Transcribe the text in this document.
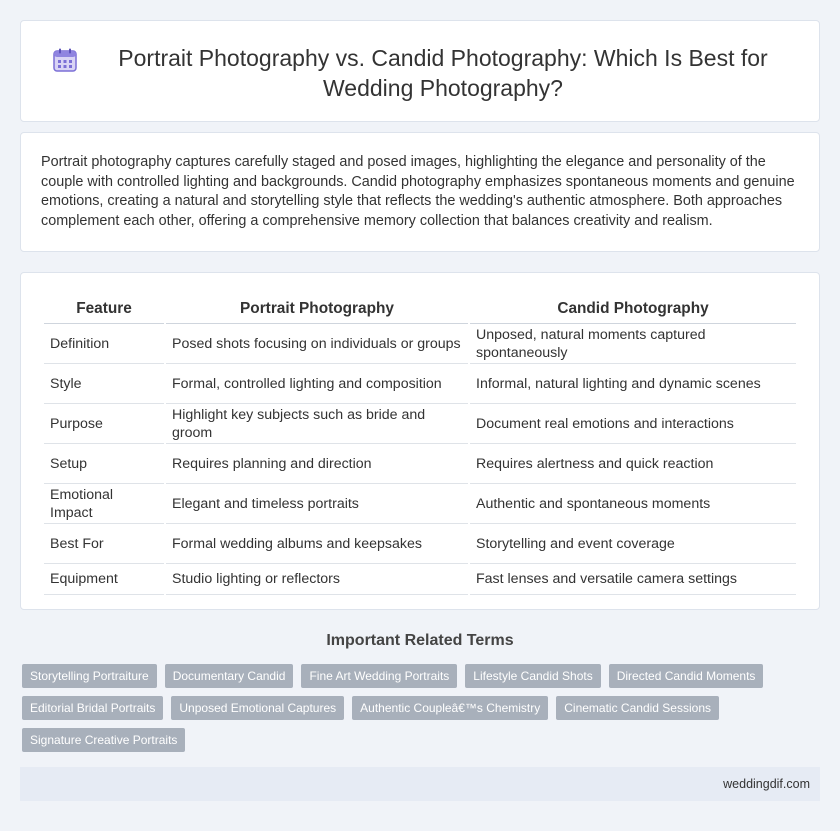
Portrait Photography vs. Candid Photography: Which Is Best for Wedding Photography?

Portrait photography captures carefully staged and posed images, highlighting the elegance and personality of the couple with controlled lighting and backgrounds. Candid photography emphasizes spontaneous moments and genuine emotions, creating a natural and storytelling style that reflects the wedding's authentic atmosphere. Both approaches complement each other, offering a comprehensive memory collection that balances creativity and realism.

Feature	Portrait Photography	Candid Photography
Definition	Posed shots focusing on individuals or groups	Unposed, natural moments captured spontaneously
Style	Formal, controlled lighting and composition	Informal, natural lighting and dynamic scenes
Purpose	Highlight key subjects such as bride and groom	Document real emotions and interactions
Setup	Requires planning and direction	Requires alertness and quick reaction
Emotional Impact	Elegant and timeless portraits	Authentic and spontaneous moments
Best For	Formal wedding albums and keepsakes	Storytelling and event coverage
Equipment	Studio lighting or reflectors	Fast lenses and versatile camera settings
Important Related Terms
Storytelling Portraiture	Documentary Candid	Fine Art Wedding Portraits	Lifestyle Candid Shots	Directed Candid Moments
Editorial Bridal Portraits	Unposed Emotional Captures	Authentic Coupleâ€™s Chemistry	Cinematic Candid Sessions
Signature Creative Portraits
weddingdif.com
